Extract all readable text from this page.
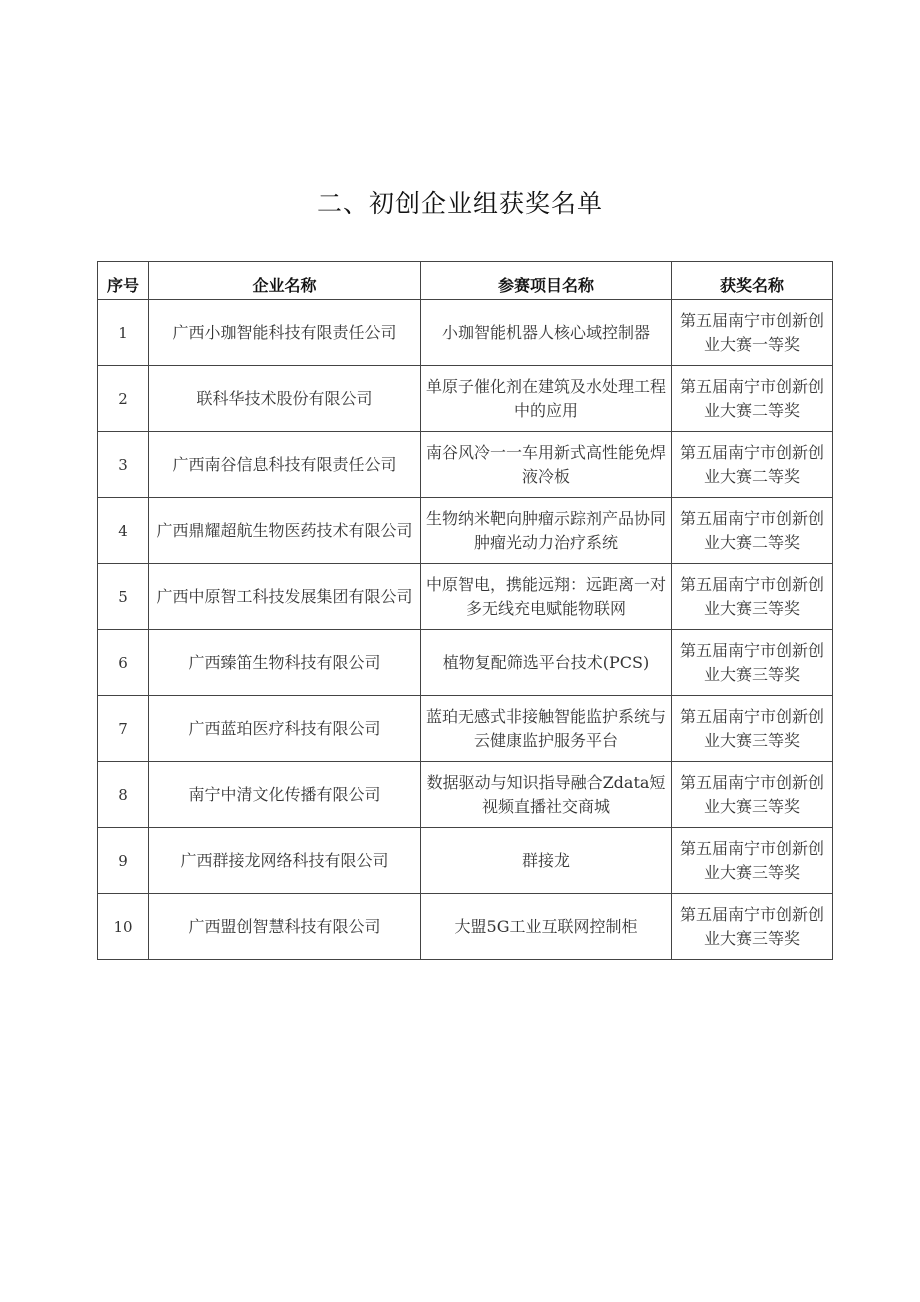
二、初创企业组获奖名单
序号	企业名称	参赛项目名称	获奖名称
1	广西小珈智能科技有限责任公司	小珈智能机器人核心域控制器	第五届南宁市创新创业大赛一等奖
2	联科华技术股份有限公司	单原子催化剂在建筑及水处理工程中的应用	第五届南宁市创新创业大赛二等奖
3	广西南谷信息科技有限责任公司	南谷风冷一一车用新式高性能免焊液冷板	第五届南宁市创新创业大赛二等奖
4	广西鼎耀超航生物医药技术有限公司	生物纳米靶向肿瘤示踪剂产品协同肿瘤光动力治疗系统	第五届南宁市创新创业大赛二等奖
5	广西中原智工科技发展集团有限公司	中原智电，携能远翔：远距离一对多无线充电赋能物联网	第五届南宁市创新创业大赛三等奖
6	广西臻笛生物科技有限公司	植物复配筛选平台技术(PCS)	第五届南宁市创新创业大赛三等奖
7	广西蓝珀医疗科技有限公司	蓝珀无感式非接触智能监护系统与云健康监护服务平台	第五届南宁市创新创业大赛三等奖
8	南宁中清文化传播有限公司	数据驱动与知识指导融合Zdata短视频直播社交商城	第五届南宁市创新创业大赛三等奖
9	广西群接龙网络科技有限公司	群接龙	第五届南宁市创新创业大赛三等奖
10	广西盟创智慧科技有限公司	大盟5G工业互联网控制柜	第五届南宁市创新创业大赛三等奖
